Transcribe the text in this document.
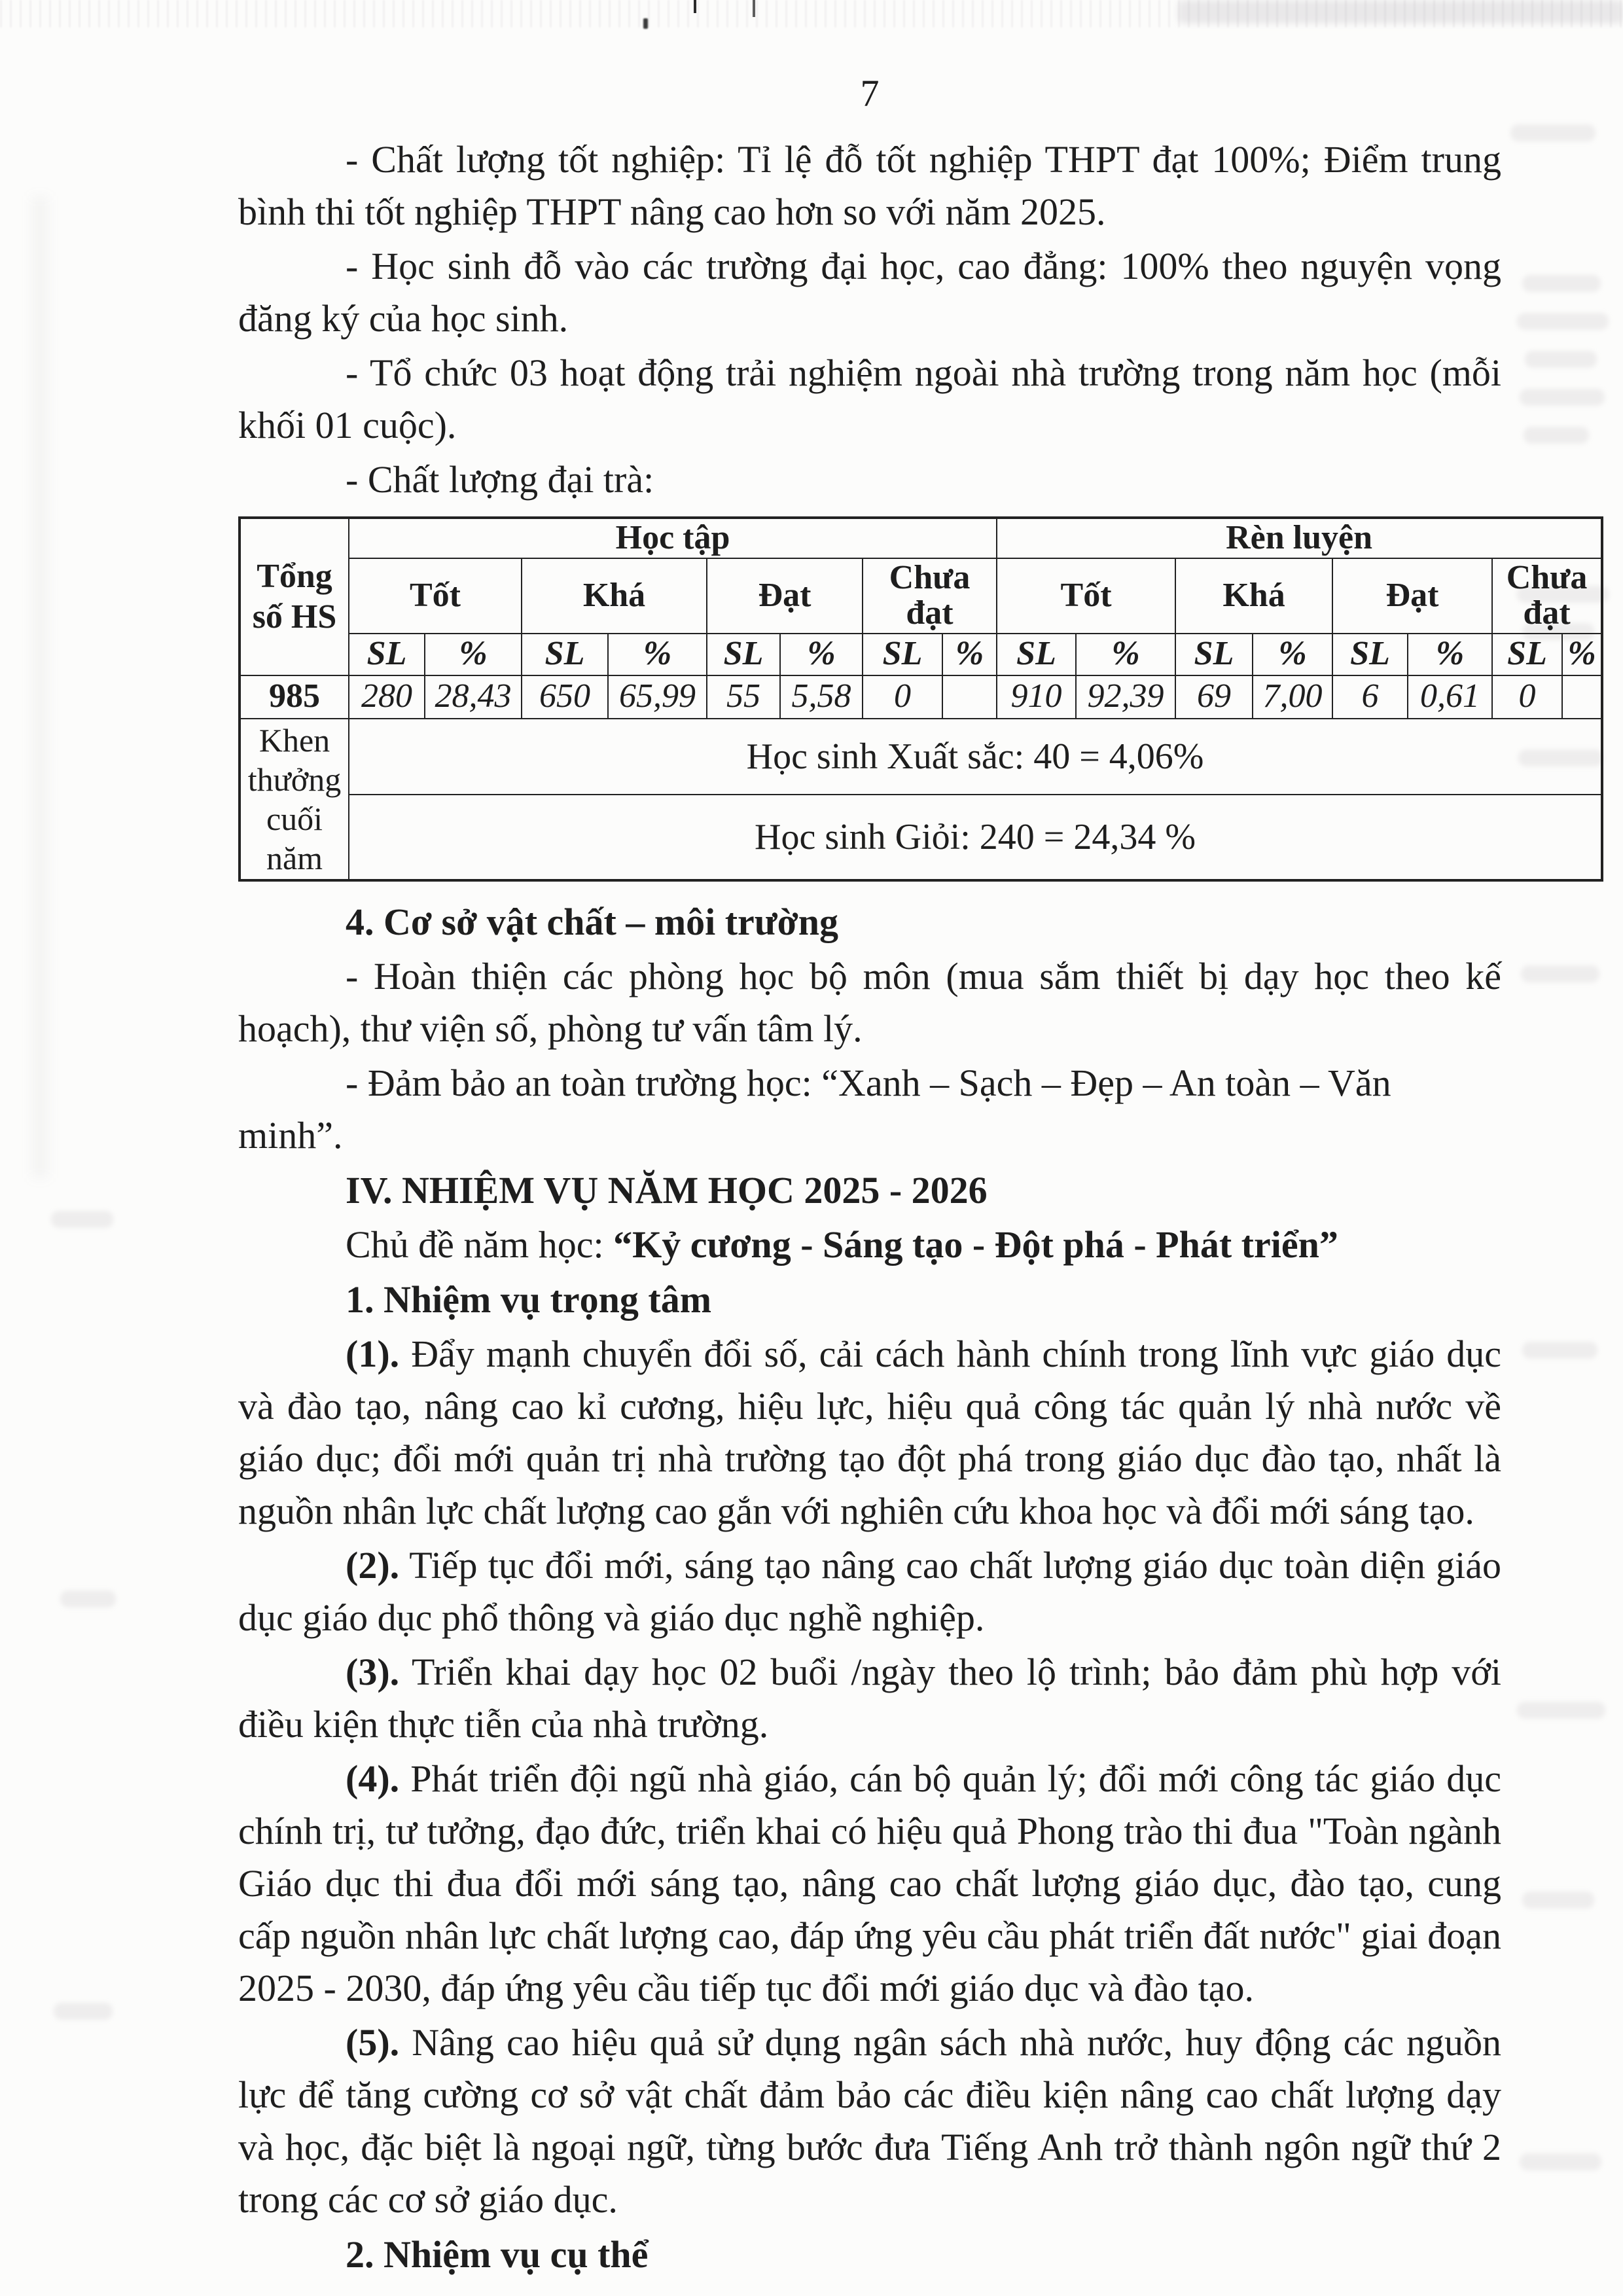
7

- Chất lượng tốt nghiệp: Tỉ lệ đỗ tốt nghiệp THPT đạt 100%; Điểm trung bình thi tốt nghiệp THPT nâng cao hơn so với năm 2025.

- Học sinh đỗ vào các trường đại học, cao đẳng: 100% theo nguyện vọng đăng ký của học sinh.

- Tổ chức 03 hoạt động trải nghiệm ngoài nhà trường trong năm học (mỗi khối 01 cuộc).

- Chất lượng đại trà:

Tổng số HS	Học tập								Rèn luyện							
	Tốt		Khá		Đạt		Chưa đạt		Tốt		Khá		Đạt		Chưa đạt	
	SL	%	SL	%	SL	%	SL	%	SL	%	SL	%	SL	%	SL	%
985	280	28,43	650	65,99	55	5,58	0		910	92,39	69	7,00	6	0,61	0	
Khen thưởng cuối năm	Học sinh Xuất sắc: 40 = 4,06%															
	Học sinh Giỏi: 240 = 24,34 %															

4. Cơ sở vật chất – môi trường

- Hoàn thiện các phòng học bộ môn (mua sắm thiết bị dạy học theo kế hoạch), thư viện số, phòng tư vấn tâm lý.

- Đảm bảo an toàn trường học: “Xanh – Sạch – Đẹp – An toàn – Văn minh”.

IV. NHIỆM VỤ NĂM HỌC 2025 - 2026

Chủ đề năm học: “Kỷ cương - Sáng tạo - Đột phá - Phát triển”

1. Nhiệm vụ trọng tâm

(1). Đẩy mạnh chuyển đổi số, cải cách hành chính trong lĩnh vực giáo dục và đào tạo, nâng cao kỉ cương, hiệu lực, hiệu quả công tác quản lý nhà nước về giáo dục; đổi mới quản trị nhà trường tạo đột phá trong giáo dục đào tạo, nhất là nguồn nhân lực chất lượng cao gắn với nghiên cứu khoa học và đổi mới sáng tạo.

(2). Tiếp tục đổi mới, sáng tạo nâng cao chất lượng giáo dục toàn diện giáo dục giáo dục phổ thông và giáo dục nghề nghiệp.

(3). Triển khai dạy học 02 buổi /ngày theo lộ trình; bảo đảm phù hợp với điều kiện thực tiễn của nhà trường.

(4). Phát triển đội ngũ nhà giáo, cán bộ quản lý; đổi mới công tác giáo dục chính trị, tư tưởng, đạo đức, triển khai có hiệu quả Phong trào thi đua "Toàn ngành Giáo dục thi đua đổi mới sáng tạo, nâng cao chất lượng giáo dục, đào tạo, cung cấp nguồn nhân lực chất lượng cao, đáp ứng yêu cầu phát triển đất nước" giai đoạn 2025 - 2030, đáp ứng yêu cầu tiếp tục đổi mới giáo dục và đào tạo.

(5). Nâng cao hiệu quả sử dụng ngân sách nhà nước, huy động các nguồn lực để tăng cường cơ sở vật chất đảm bảo các điều kiện nâng cao chất lượng dạy và học, đặc biệt là ngoại ngữ, từng bước đưa Tiếng Anh trở thành ngôn ngữ thứ 2 trong các cơ sở giáo dục.

2. Nhiệm vụ cụ thể
